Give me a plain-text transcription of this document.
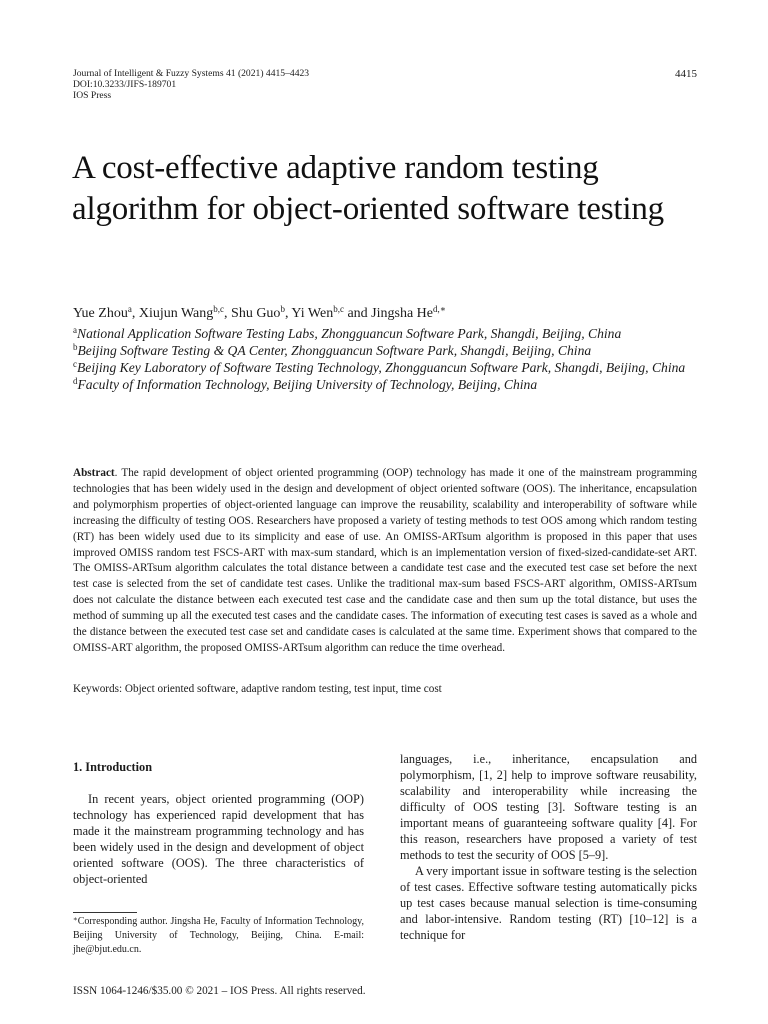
Journal of Intelligent & Fuzzy Systems 41 (2021) 4415–4423
DOI:10.3233/JIFS-189701
IOS Press
4415
A cost-effective adaptive random testing algorithm for object-oriented software testing
Yue Zhou$^a$, Xiujun Wang$^{b,c}$, Shu Guo$^b$, Yi Wen$^{b,c}$ and Jingsha $He^{d,∗}$
$^a$National Application Software Testing Labs, Zhongguancun Software Park, Shangdi, Beijing, China
$^b$Beijing Software Testing & QA Center, Zhongguancun Software Park, Shangdi, Beijing, China
$^c$Beijing Key Laboratory of Software Testing Technology, Zhongguancun Software Park, Shangdi, Beijing, China
$^d$Faculty of Information Technology, Beijing University of Technology, Beijing, China
Abstract. The rapid development of object oriented programming (OOP) technology has made it one of the mainstream programming technologies that has been widely used in the design and development of object oriented software (OOS). The inheritance, encapsulation and polymorphism properties of object-oriented language can improve the reusability, scalability and interoperability of software while increasing the difficulty of testing OOS. Researchers have proposed a variety of testing methods to test OOS among which random testing (RT) has been widely used due to its simplicity and ease of use. An OMISS-ARTsum algorithm is proposed in this paper that uses improved OMISS random test FSCS-ART with max-sum standard, which is an implementation version of fixed-sized-candidate-set ART. The OMISS-ARTsum algorithm calculates the total distance between a candidate test case and the executed test case set before the next test case is selected from the set of candidate test cases. Unlike the traditional max-sum based FSCS-ART algorithm, OMISS-ARTsum does not calculate the distance between each executed test case and the candidate case and then sum up the total distance, but uses the method of summing up all the executed test cases and the candidate cases. The information of executing test cases is saved as a whole and the distance between the executed test case set and candidate cases is calculated at the same time. Experiment shows that compared to the OMISS-ART algorithm, the proposed OMISS-ARTsum algorithm can reduce the time overhead.
Keywords: Object oriented software, adaptive random testing, test input, time cost
1. Introduction

In recent years, object oriented programming (OOP) technology has experienced rapid development that has made it the mainstream programming technology and has been widely used in the design and development of object oriented software (OOS). The three characteristics of object-oriented

languages, i.e., inheritance, encapsulation and polymorphism, [1, 2] help to improve software reusability, scalability and interoperability while increasing the difficulty of OOS testing [3]. Software testing is an important means of guaranteeing software quality [4]. For this reason, researchers have proposed a variety of test methods to test the security of OOS [5–9].

A very important issue in software testing is the selection of test cases. Effective software testing automatically picks up test cases because manual selection is time-consuming and labor-intensive. Random testing (RT) [10–12] is a technique for

∗Corresponding author. Jingsha He, Faculty of Information Technology, Beijing University of Technology, Beijing, China. E-mail: jhe@bjut.edu.cn.
ISSN 1064-1246/$35.00 © 2021 – IOS Press. All rights reserved.
